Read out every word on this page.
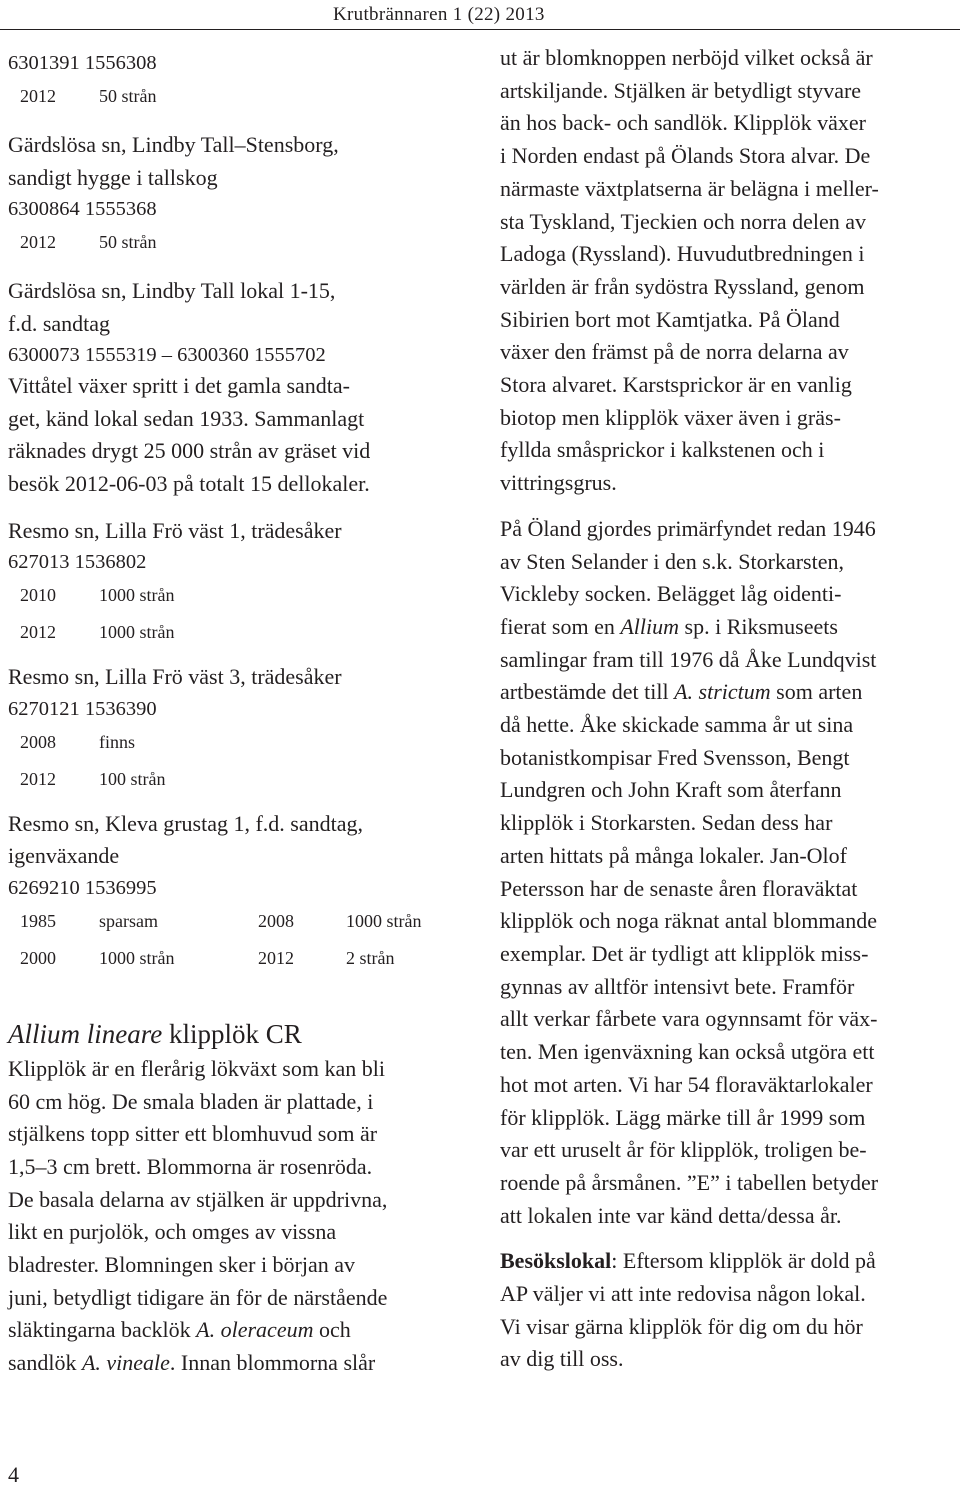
Krutbrännaren 1 (22) 2013

6301391 1556308

2012 50 strån

Gärdslösa sn, Lindby Tall–Stensborg,

sandigt hygge i tallskog

6300864 1555368

2012 50 strån

Gärdslösa sn, Lindby Tall lokal 1-15,

f.d. sandtag

6300073 1555319 – 6300360 1555702

Vittåtel växer spritt i det gamla sandta-

get, känd lokal sedan 1933. Sammanlagt

räknades drygt 25 000 strån av gräset vid

besök 2012-06-03 på totalt 15 dellokaler.

Resmo sn, Lilla Frö väst 1, trädesåker

627013 1536802

2010 1000 strån

2012 1000 strån

Resmo sn, Lilla Frö väst 3, trädesåker

6270121 1536390

2008 finns

2012 100 strån

Resmo sn, Kleva grustag 1, f.d. sandtag,

igenväxande

6269210 1536995

1985 sparsam	2008	1000 strån

2000 1000 strån	2012	2 strån

Allium lineare klipplök CR

Klipplök är en flerårig lökväxt som kan bli

60 cm hög. De smala bladen är plattade, i

stjälkens topp sitter ett blomhuvud som är

1,5–3 cm brett. Blommorna är rosenröda.

De basala delarna av stjälken är uppdrivna,

likt en purjolök, och omges av vissna

bladrester. Blomningen sker i början av

juni, betydligt tidigare än för de närstående

släktingarna backlök A. oleraceum och

sandlök A. vineale. Innan blommorna slår

ut är blomknoppen nerböjd vilket också är

artskiljande. Stjälken är betydligt styvare

än hos back- och sandlök. Klipplök växer

i Norden endast på Ölands Stora alvar. De

närmaste växtplatserna är belägna i meller-

sta Tyskland, Tjeckien och norra delen av

Ladoga (Ryssland). Huvudutbredningen i

världen är från sydöstra Ryssland, genom

Sibirien bort mot Kamtjatka. På Öland

växer den främst på de norra delarna av

Stora alvaret. Karstsprickor är en vanlig

biotop men klipplök växer även i gräs-

fyllda småsprickor i kalkstenen och i

vittringsgrus.

På Öland gjordes primärfyndet redan 1946

av Sten Selander i den s.k. Storkarsten,

Vickleby socken. Belägget låg oidenti-

fierat som en Allium sp. i Riksmuseets

samlingar fram till 1976 då Åke Lundqvist

artbestämde det till A. strictum som arten

då hette. Åke skickade samma år ut sina

botanistkompisar Fred Svensson, Bengt

Lundgren och John Kraft som återfann

klipplök i Storkarsten. Sedan dess har

arten hittats på många lokaler. Jan-Olof

Petersson har de senaste åren floraväktat

klipplök och noga räknat antal blommande

exemplar. Det är tydligt att klipplök miss-

gynnas av alltför intensivt bete. Framför

allt verkar fårbete vara ogynnsamt för väx-

ten. Men igenväxning kan också utgöra ett

hot mot arten. Vi har 54 floraväktarlokaler

för klipplök. Lägg märke till år 1999 som

var ett uruselt år för klipplök, troligen be-

roende på årsmånen. ”E” i tabellen betyder

att lokalen inte var känd detta/dessa år.

Besökslokal: Eftersom klipplök är dold på

AP väljer vi att inte redovisa någon lokal.

Vi visar gärna klipplök för dig om du hör

av dig till oss.

4
